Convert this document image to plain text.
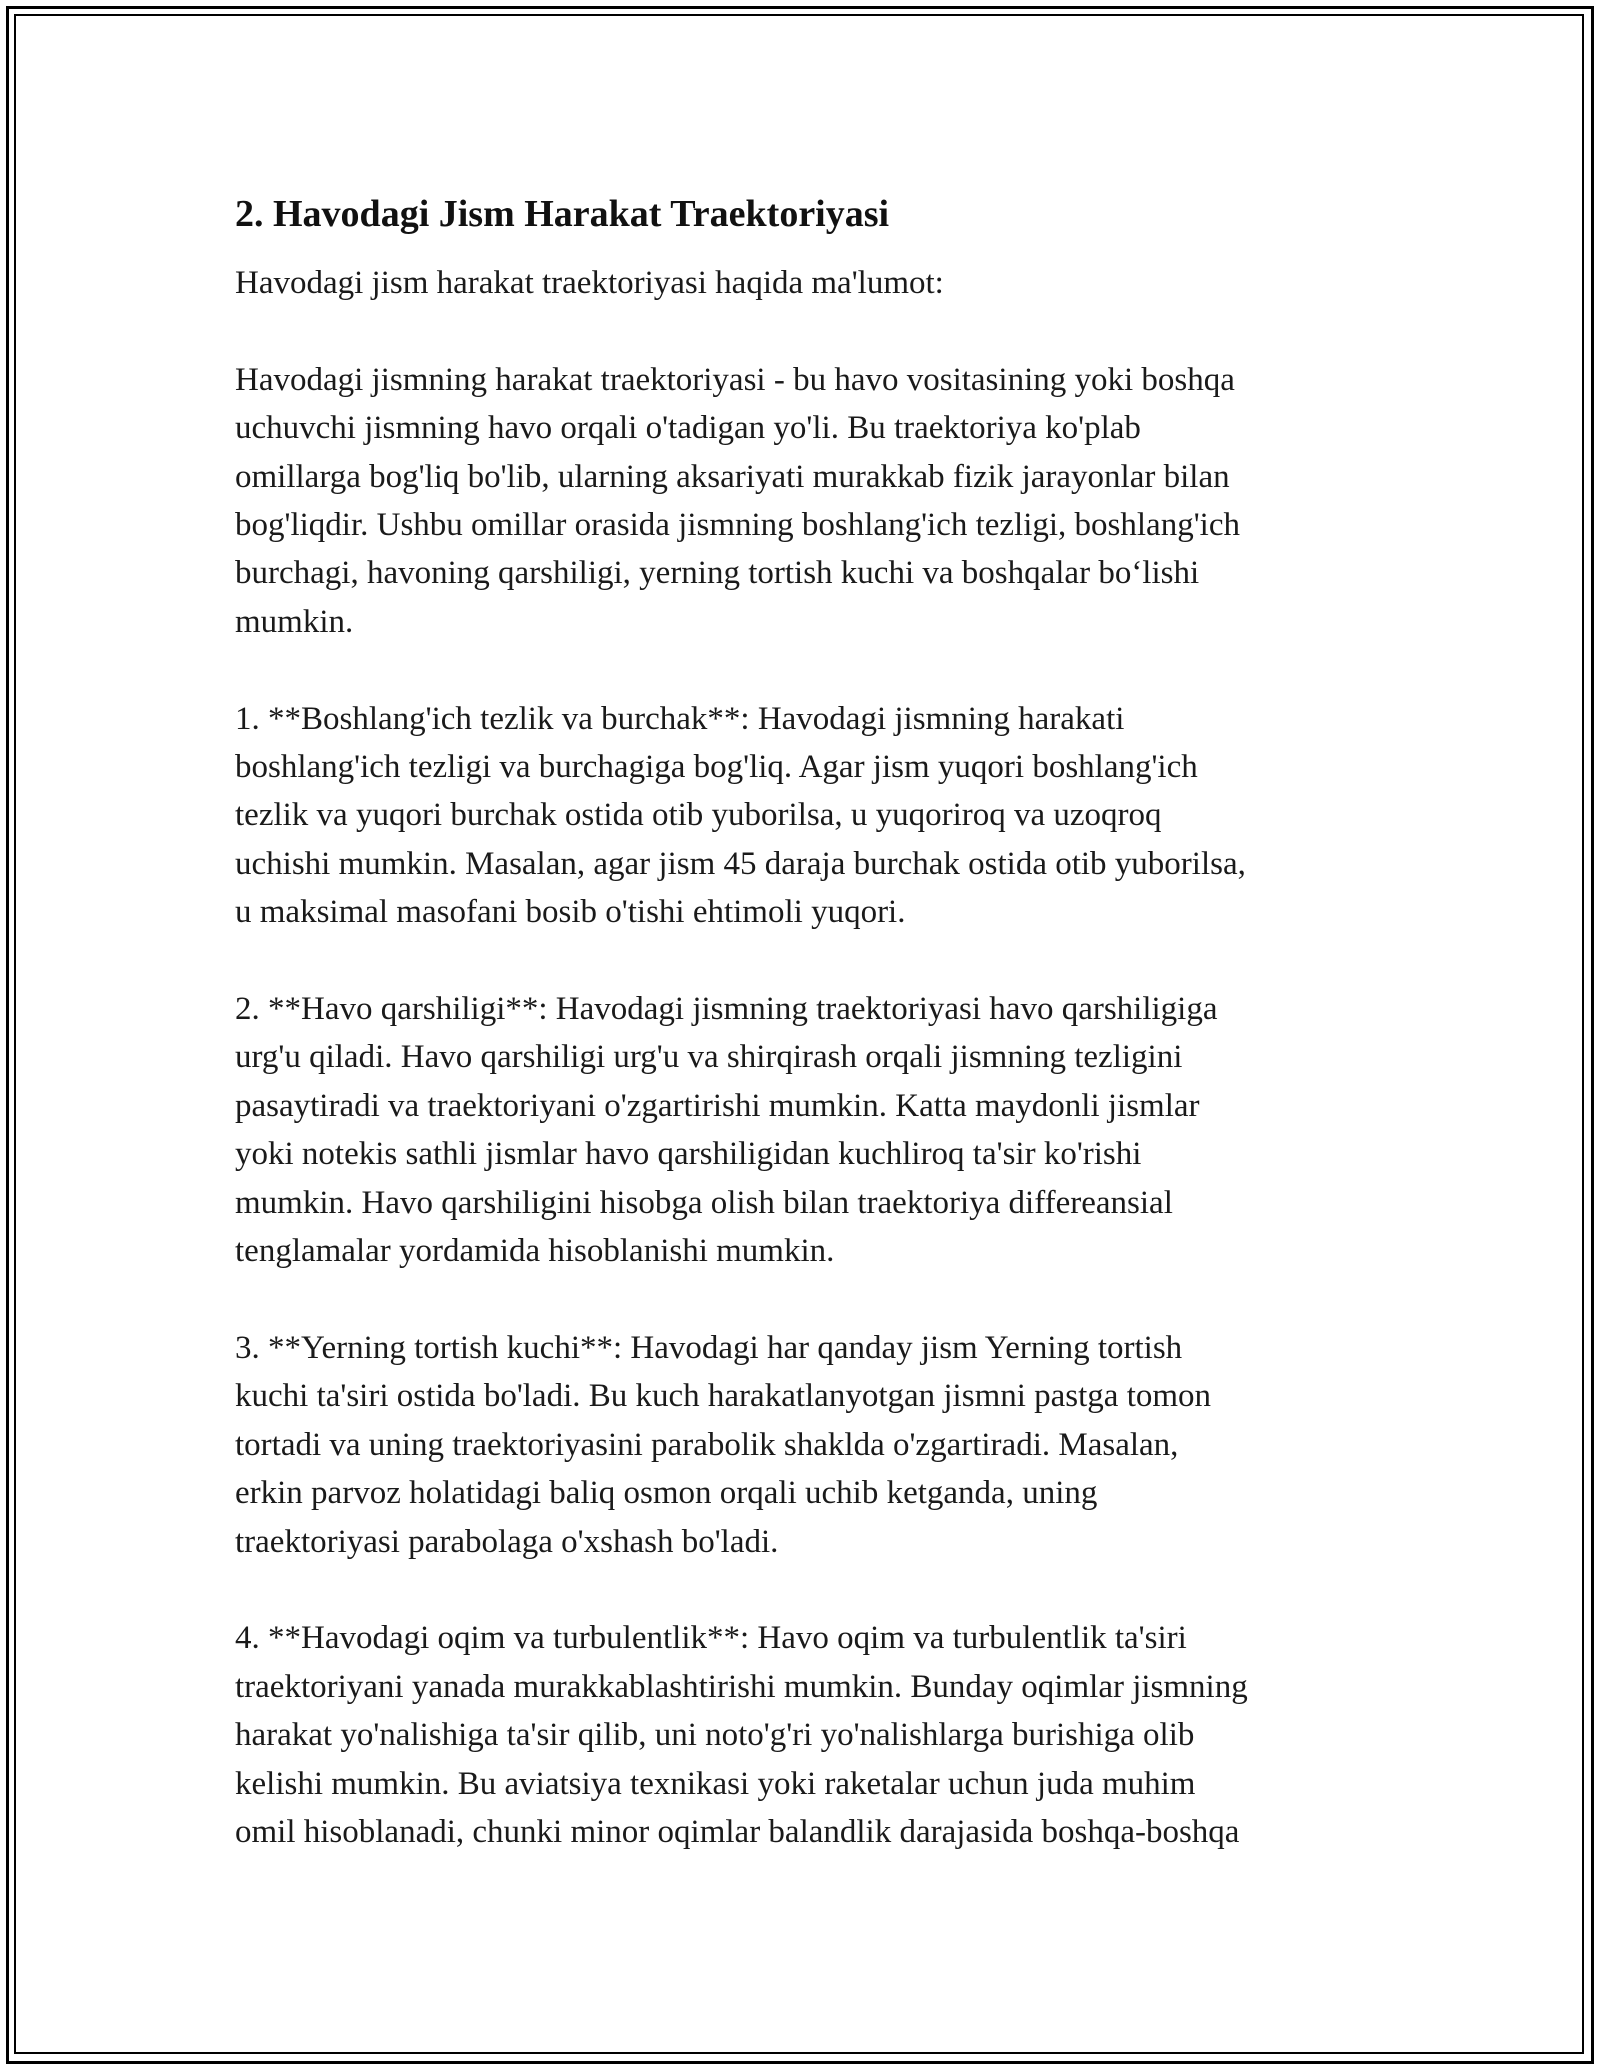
2. Havodagi Jism Harakat Traektoriyasi

Havodagi jism harakat traektoriyasi haqida ma'lumot:

Havodagi jismning harakat traektoriyasi - bu havo vositasining yoki boshqa
uchuvchi jismning havo orqali o'tadigan yo'li. Bu traektoriya ko'plab
omillarga bog'liq bo'lib, ularning aksariyati murakkab fizik jarayonlar bilan
bog'liqdir. Ushbu omillar orasida jismning boshlang'ich tezligi, boshlang'ich
burchagi, havoning qarshiligi, yerning tortish kuchi va boshqalar bo‘lishi
mumkin.

1. **Boshlang'ich tezlik va burchak**: Havodagi jismning harakati
boshlang'ich tezligi va burchagiga bog'liq. Agar jism yuqori boshlang'ich
tezlik va yuqori burchak ostida otib yuborilsa, u yuqoriroq va uzoqroq
uchishi mumkin. Masalan, agar jism 45 daraja burchak ostida otib yuborilsa,
u maksimal masofani bosib o'tishi ehtimoli yuqori.

2. **Havo qarshiligi**: Havodagi jismning traektoriyasi havo qarshiligiga
urg'u qiladi. Havo qarshiligi urg'u va shirqirash orqali jismning tezligini
pasaytiradi va traektoriyani o'zgartirishi mumkin. Katta maydonli jismlar
yoki notekis sathli jismlar havo qarshiligidan kuchliroq ta'sir ko'rishi
mumkin. Havo qarshiligini hisobga olish bilan traektoriya differeansial
tenglamalar yordamida hisoblanishi mumkin.

3. **Yerning tortish kuchi**: Havodagi har qanday jism Yerning tortish
kuchi ta'siri ostida bo'ladi. Bu kuch harakatlanyotgan jismni pastga tomon
tortadi va uning traektoriyasini parabolik shaklda o'zgartiradi. Masalan,
erkin parvoz holatidagi baliq osmon orqali uchib ketganda, uning
traektoriyasi parabolaga o'xshash bo'ladi.

4. **Havodagi oqim va turbulentlik**: Havo oqim va turbulentlik ta'siri
traektoriyani yanada murakkablashtirishi mumkin. Bunday oqimlar jismning
harakat yo'nalishiga ta'sir qilib, uni noto'g'ri yo'nalishlarga burishiga olib
kelishi mumkin. Bu aviatsiya texnikasi yoki raketalar uchun juda muhim
omil hisoblanadi, chunki minor oqimlar balandlik darajasida boshqa-boshqa
